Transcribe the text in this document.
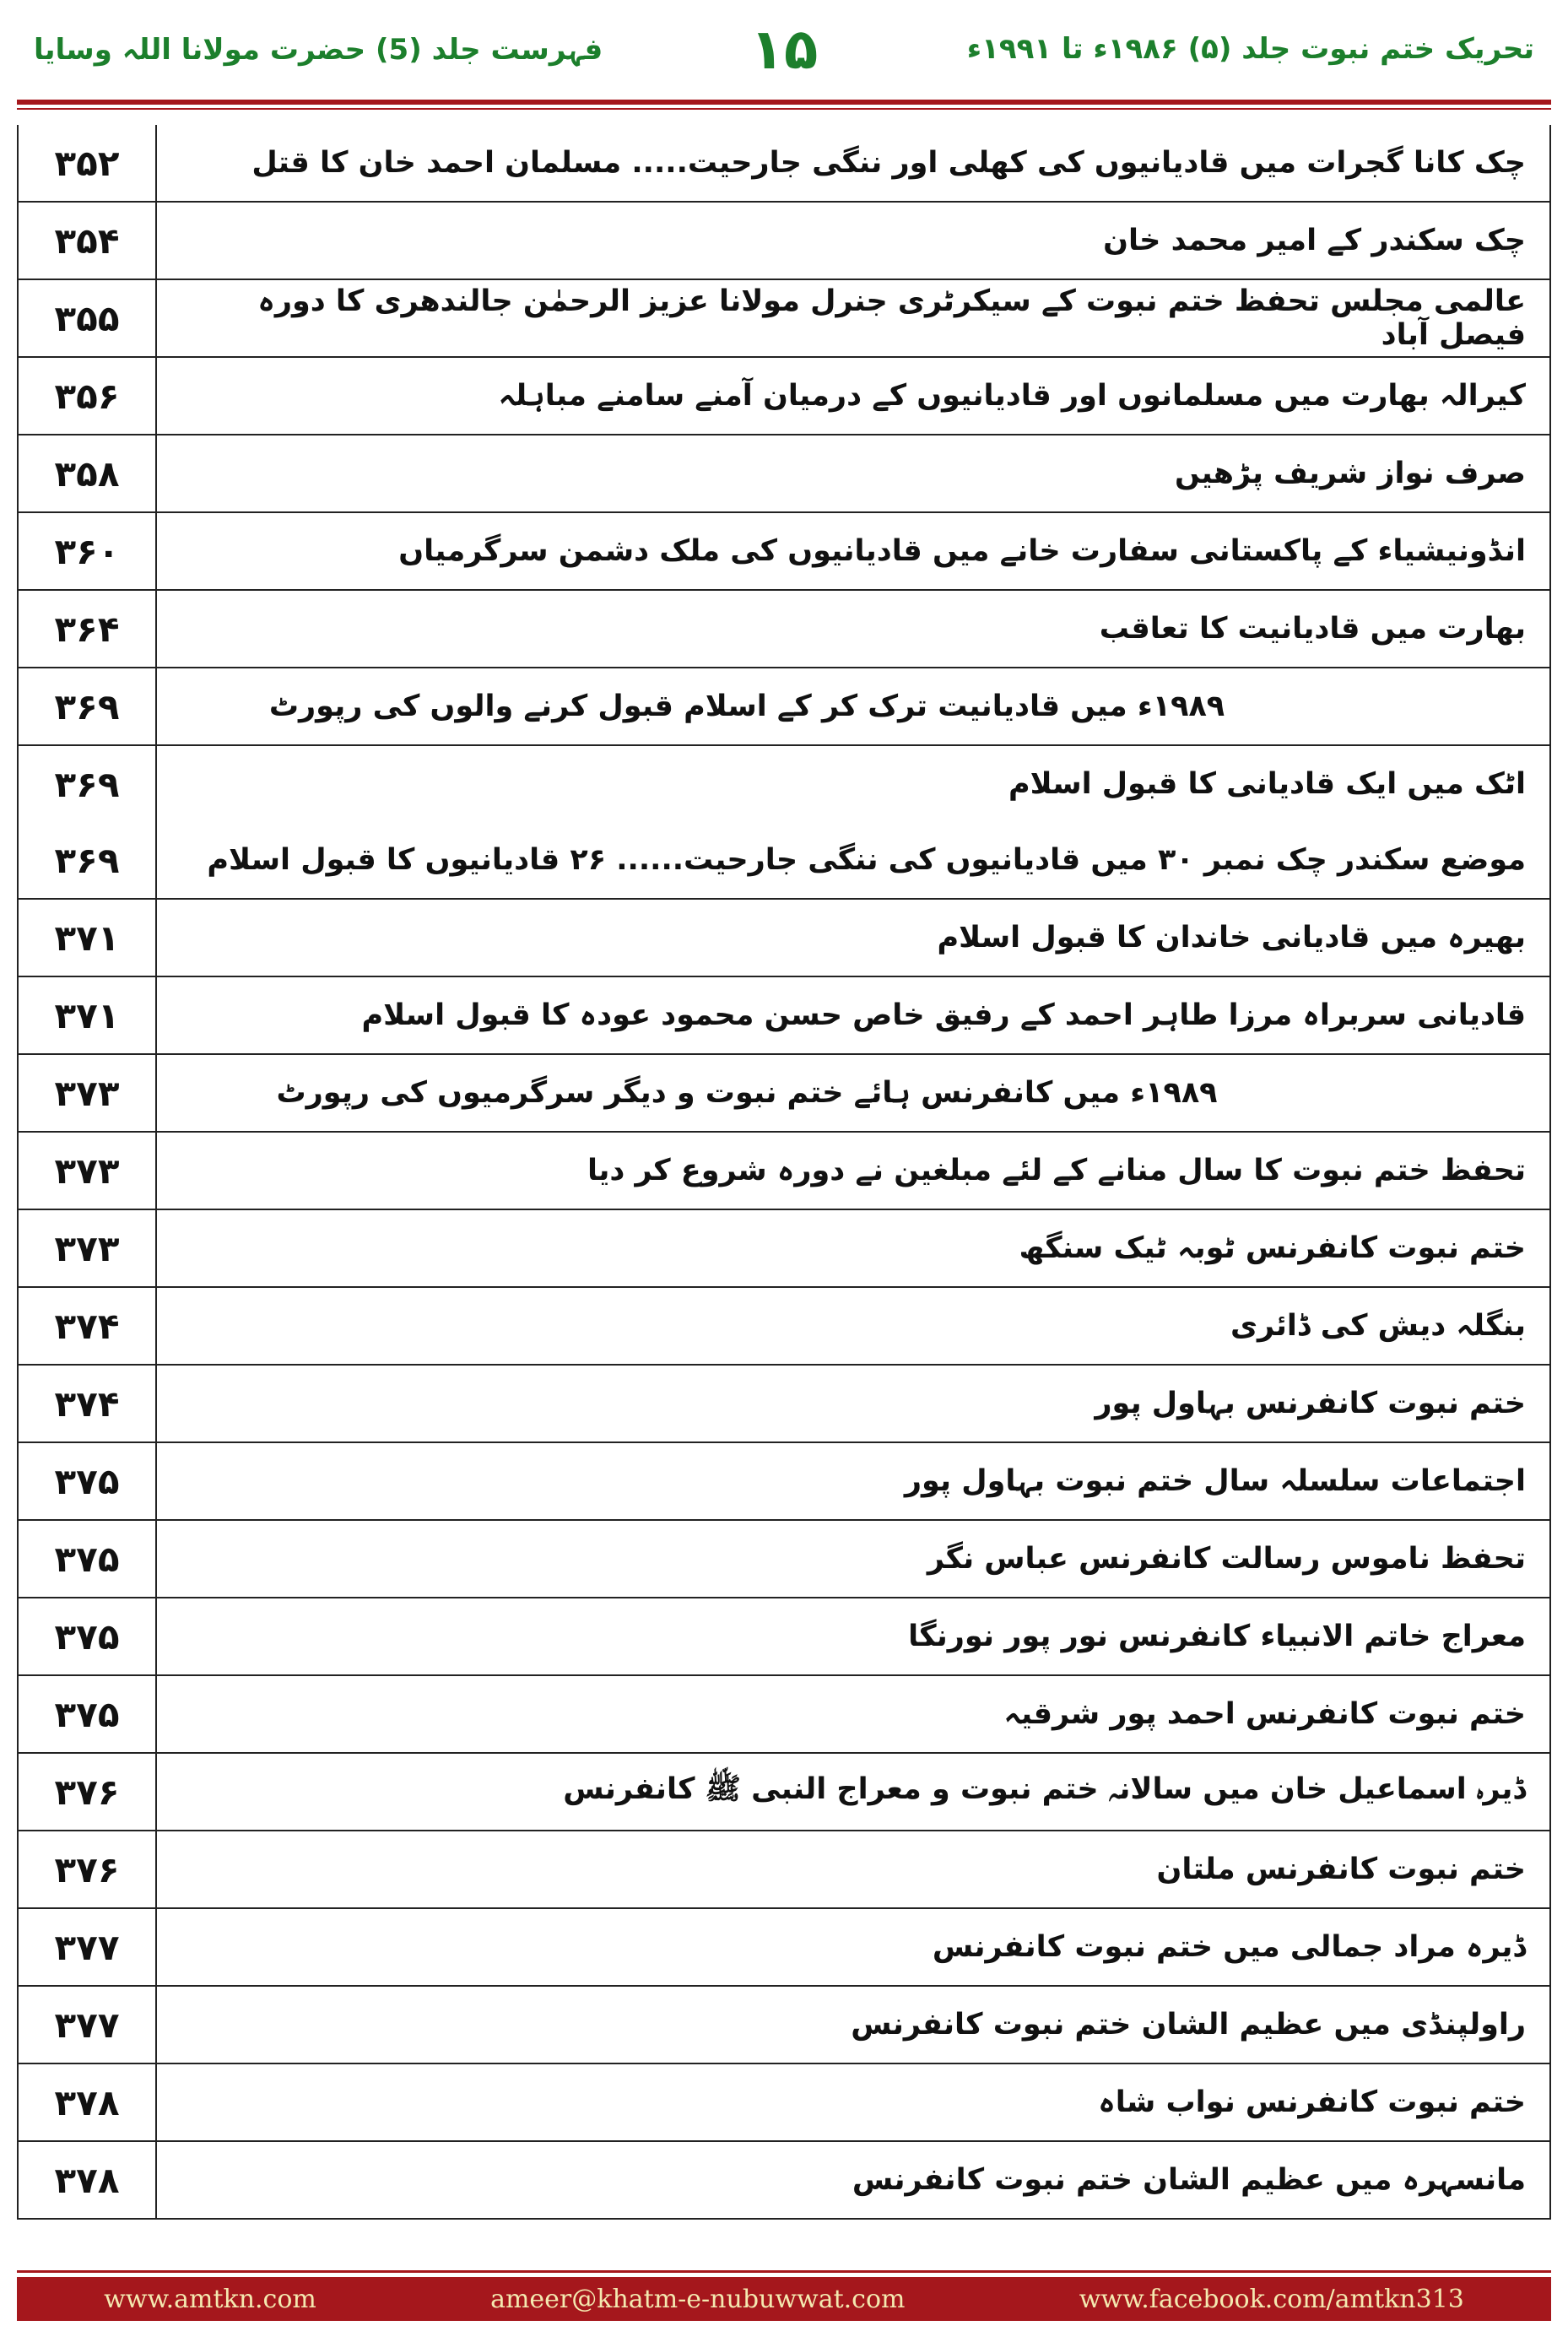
فہرست جلد (5) حضرت مولانا اللہ وسایا	۱۵	تحریک ختم نبوت جلد (۵) ۱۹۸۶ء تا ۱۹۹۱ء
۳۵۲	چک کانا گجرات میں قادیانیوں کی کھلی اور ننگی جارحیت..... مسلمان احمد خان کا قتل
۳۵۴	چک سکندر کے امیر محمد خان
۳۵۵	عالمی مجلس تحفظ ختم نبوت کے سیکرٹری جنرل مولانا عزیز الرحمٰن جالندھری کا دورہ فیصل آباد
۳۵۶	کیرالہ بھارت میں مسلمانوں اور قادیانیوں کے درمیان آمنے سامنے مباہلہ
۳۵۸	صرف نواز شریف پڑھیں
۳۶۰	انڈونیشیاء کے پاکستانی سفارت خانے میں قادیانیوں کی ملک دشمن سرگرمیاں
۳۶۴	بھارت میں قادیانیت کا تعاقب
۳۶۹	۱۹۸۹ء میں قادیانیت ترک کر کے اسلام قبول کرنے والوں کی رپورٹ
۳۶۹	اٹک میں ایک قادیانی کا قبول اسلام
۳۶۹	موضع سکندر چک نمبر ۳۰ میں قادیانیوں کی ننگی جارحیت...... ۲۶ قادیانیوں کا قبول اسلام
۳۷۱	بھیرہ میں قادیانی خاندان کا قبول اسلام
۳۷۱	قادیانی سربراہ مرزا طاہر احمد کے رفیق خاص حسن محمود عودہ کا قبول اسلام
۳۷۳	۱۹۸۹ء میں کانفرنس ہائے ختم نبوت و دیگر سرگرمیوں کی رپورٹ
۳۷۳	تحفظ ختم نبوت کا سال منانے کے لئے مبلغین نے دورہ شروع کر دیا
۳۷۳	ختم نبوت کانفرنس ٹوبہ ٹیک سنگھ
۳۷۴	بنگلہ دیش کی ڈائری
۳۷۴	ختم نبوت کانفرنس بہاول پور
۳۷۵	اجتماعات سلسلہ سال ختم نبوت بہاول پور
۳۷۵	تحفظ ناموس رسالت کانفرنس عباس نگر
۳۷۵	معراج خاتم الانبیاء کانفرنس نور پور نورنگا
۳۷۵	ختم نبوت کانفرنس احمد پور شرقیہ
۳۷۶	ڈیرہ اسماعیل خان میں سالانہ ختم نبوت و معراج النبی ﷺ کانفرنس
۳۷۶	ختم نبوت کانفرنس ملتان
۳۷۷	ڈیرہ مراد جمالی میں ختم نبوت کانفرنس
۳۷۷	راولپنڈی میں عظیم الشان ختم نبوت کانفرنس
۳۷۸	ختم نبوت کانفرنس نواب شاہ
۳۷۸	مانسہرہ میں عظیم الشان ختم نبوت کانفرنس
www.amtkn.com	ameer@khatm-e-nubuwwat.com	www.facebook.com/amtkn313
